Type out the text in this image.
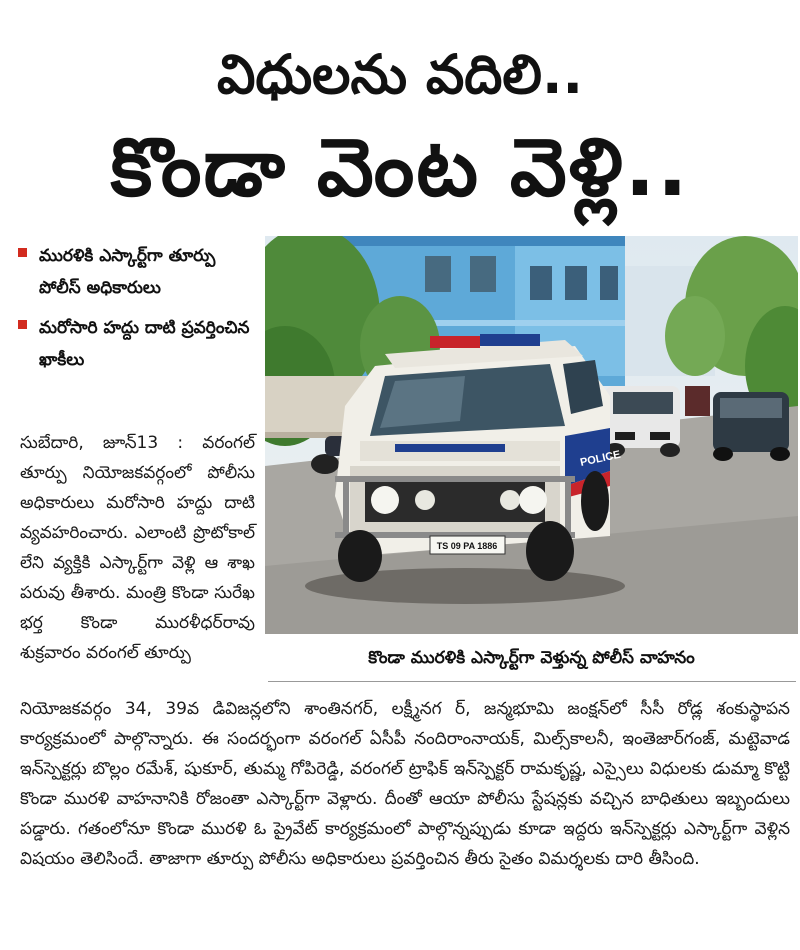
విధులను వదిలి..
కొండా వెంట వెళ్లి..
మురళికి ఎస్కార్ట్‌గా తూర్పు పోలీస్ అధికారులు
మరోసారి హద్దు దాటి ప్రవర్తించిన ఖాకీలు
సుబేదారి, జూన్‌13 : వరంగల్ తూర్పు నియోజకవర్గంలో పోలీసు అధికారులు మరోసారి హద్దు దాటి వ్యవహరించారు. ఎలాంటి ప్రొటోకాల్ లేని వ్యక్తికి ఎస్కార్ట్‌గా వెళ్లి ఆ శాఖ పరువు తీశారు. మంత్రి కొండా సురేఖ భర్త కొండా మురళీధర్‌రావు శుక్రవారం వరంగల్ తూర్పు
POLICE
TS 09 PA 1886
కొండా మురళికి ఎస్కార్ట్‌గా వెళ్తున్న పోలీస్ వాహనం
నియోజకవర్గం 34, 39వ డివిజన్లలోని శాంతినగర్, లక్ష్మీనగ ర్, జన్మభూమి జంక్షన్‌లో సీసీ రోడ్ల శంకుస్థాపన కార్యక్రమంలో పాల్గొన్నారు. ఈ సందర్భంగా వరంగల్ ఏసీపీ నందిరాంనాయక్, మిల్స్‌కాలనీ, ఇంతెజార్‌గంజ్, మట్టెవాడ ఇన్‌స్పెక్టర్లు బొల్లం రమేశ్, షుకూర్, తుమ్మ గోపిరెడ్డి, వరంగల్ ట్రాఫిక్ ఇన్‌స్పెక్టర్ రామకృష్ణ, ఎస్సైలు విధులకు డుమ్మా కొట్టి కొండా మురళి వాహనానికి రోజంతా ఎస్కార్ట్‌గా వెళ్లారు. దీంతో ఆయా పోలీసు స్టేషన్లకు వచ్చిన బాధితులు ఇబ్బందులు పడ్డారు. గతంలోనూ కొండా మురళి ఓ ప్రైవేట్ కార్యక్రమంలో పాల్గొన్నప్పుడు కూడా ఇద్దరు ఇన్‌స్పెక్టర్లు ఎస్కార్ట్‌గా వెళ్లిన విషయం తెలిసిందే. తాజాగా తూర్పు పోలీసు అధికారులు ప్రవర్తించిన తీరు సైతం విమర్శలకు దారి తీసింది.
